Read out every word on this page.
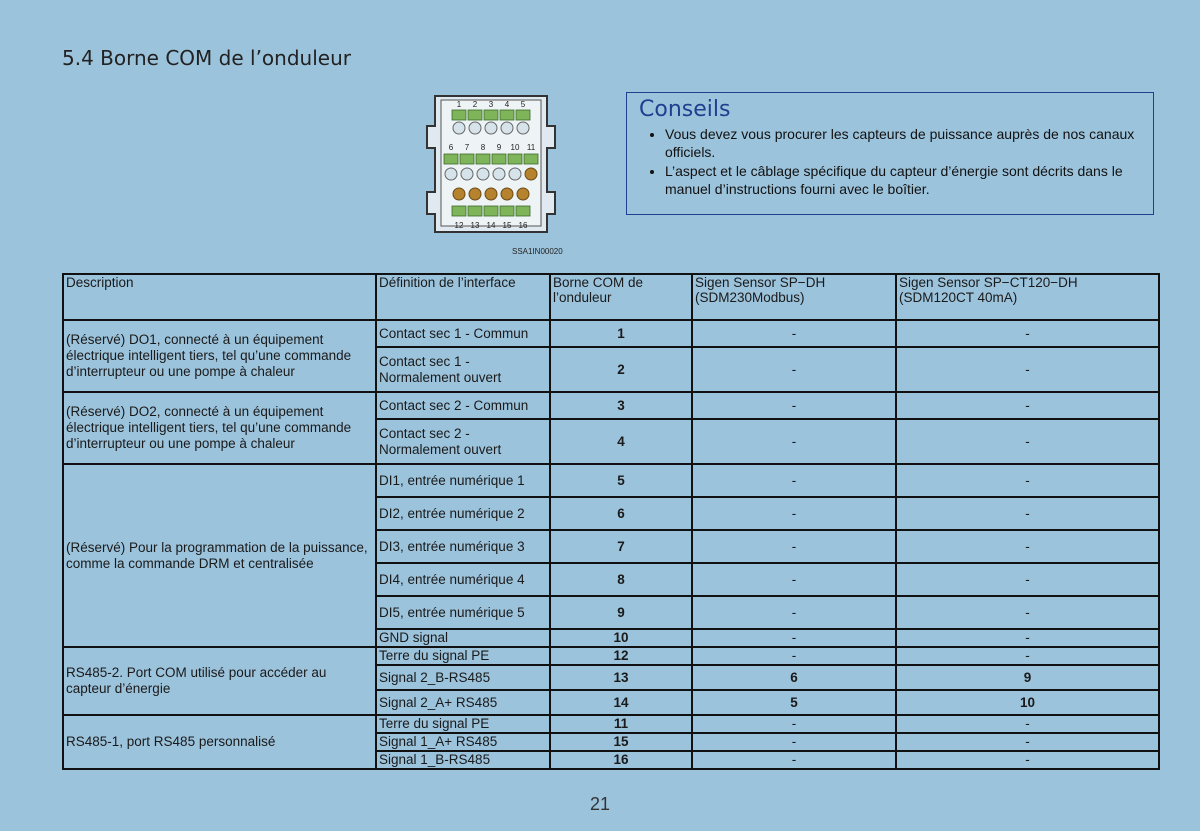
5.4 Borne COM de l’onduleur
1 2 3 4 5
6 7 8 9 10 11
12 13 14 15 16
SSA1IN00020
Conseils
• Vous devez vous procurer les capteurs de puissance auprès de nos canaux officiels.
• L’aspect et le câblage spécifique du capteur d’énergie sont décrits dans le manuel d’instructions fourni avec le boîtier.
Description	Définition de l’interface	Borne COM de l’onduleur	Sigen Sensor SP−DH (SDM230Modbus)	Sigen Sensor SP−CT120−DH (SDM120CT 40mA)
(Réservé) DO1, connecté à un équipement électrique intelligent tiers, tel qu’une commande d’interrupteur ou une pompe à chaleur	Contact sec 1 - Commun	1	-	-
	Contact sec 1 - Normalement ouvert	2	-	-
(Réservé) DO2, connecté à un équipement électrique intelligent tiers, tel qu’une commande d’interrupteur ou une pompe à chaleur	Contact sec 2 - Commun	3	-	-
	Contact sec 2 - Normalement ouvert	4	-	-
(Réservé) Pour la programmation de la puissance, comme la commande DRM et centralisée	DI1, entrée numérique 1	5	-	-
	DI2, entrée numérique 2	6	-	-
	DI3, entrée numérique 3	7	-	-
	DI4, entrée numérique 4	8	-	-
	DI5, entrée numérique 5	9	-	-
	GND signal	10	-	-
RS485-2. Port COM utilisé pour accéder au capteur d’énergie	Terre du signal PE	12	-	-
	Signal 2_B-RS485	13	6	9
	Signal 2_A+ RS485	14	5	10
RS485-1, port RS485 personnalisé	Terre du signal PE	11	-	-
	Signal 1_A+ RS485	15	-	-
	Signal 1_B-RS485	16	-	-
21
